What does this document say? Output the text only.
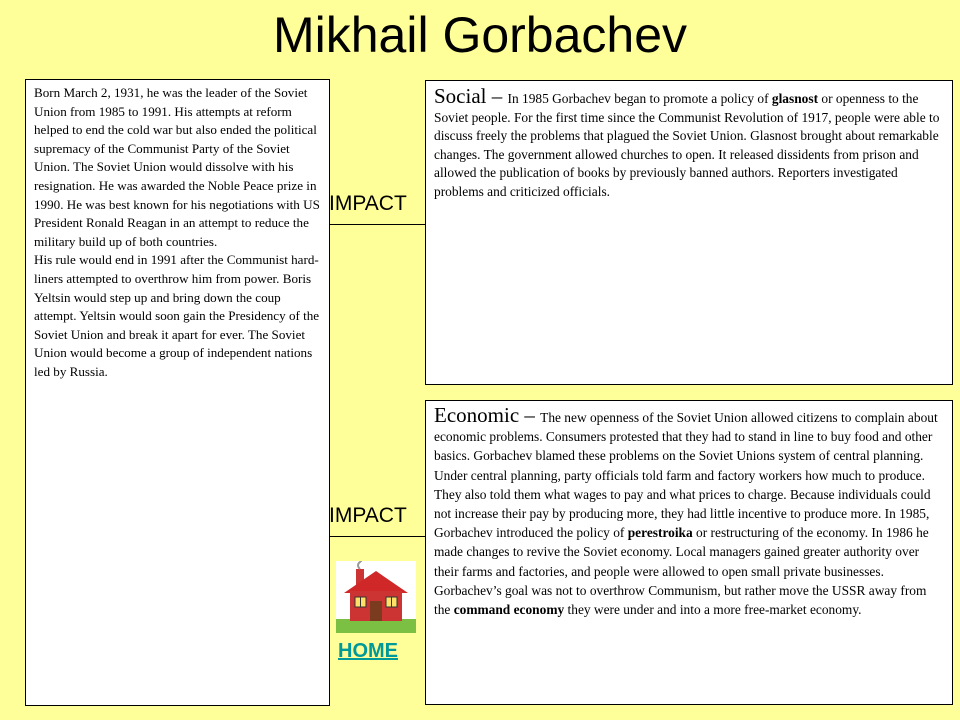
Mikhail Gorbachev

Born March 2, 1931, he was the leader of the Soviet Union from 1985 to 1991. His attempts at reform helped to end the cold war but also ended the political supremacy of the Communist Party of the Soviet Union. The Soviet Union would dissolve with his resignation. He was awarded the Noble Peace prize in 1990. He was best known for his negotiations with US President Ronald Reagan in an attempt to reduce the military build up of both countries.

His rule would end in 1991 after the Communist hard-liners attempted to overthrow him from power. Boris Yeltsin would step up and bring down the coup attempt. Yeltsin would soon gain the Presidency of the Soviet Union and break it apart for ever. The Soviet Union would become a group of independent nations led by Russia.

IMPACT
IMPACT

Social – In 1985 Gorbachev began to promote a policy of glasnost or openness to the Soviet people. For the first time since the Communist Revolution of 1917, people were able to discuss freely the problems that plagued the Soviet Union. Glasnost brought about remarkable changes. The government allowed churches to open. It released dissidents from prison and allowed the publication of books by previously banned authors. Reporters investigated problems and criticized officials.

Economic – The new openness of the Soviet Union allowed citizens to complain about economic problems. Consumers protested that they had to stand in line to buy food and other basics. Gorbachev blamed these problems on the Soviet Unions system of central planning. Under central planning, party officials told farm and factory workers how much to produce. They also told them what wages to pay and what prices to charge. Because individuals could not increase their pay by producing more, they had little incentive to produce more. In 1985, Gorbachev introduced the policy of perestroika or restructuring of the economy. In 1986 he made changes to revive the Soviet economy. Local managers gained greater authority over their farms and factories, and people were allowed to open small private businesses. Gorbachev’s goal was not to overthrow Communism, but rather move the USSR away from the command economy they were under and into a more free-market economy.

HOME
